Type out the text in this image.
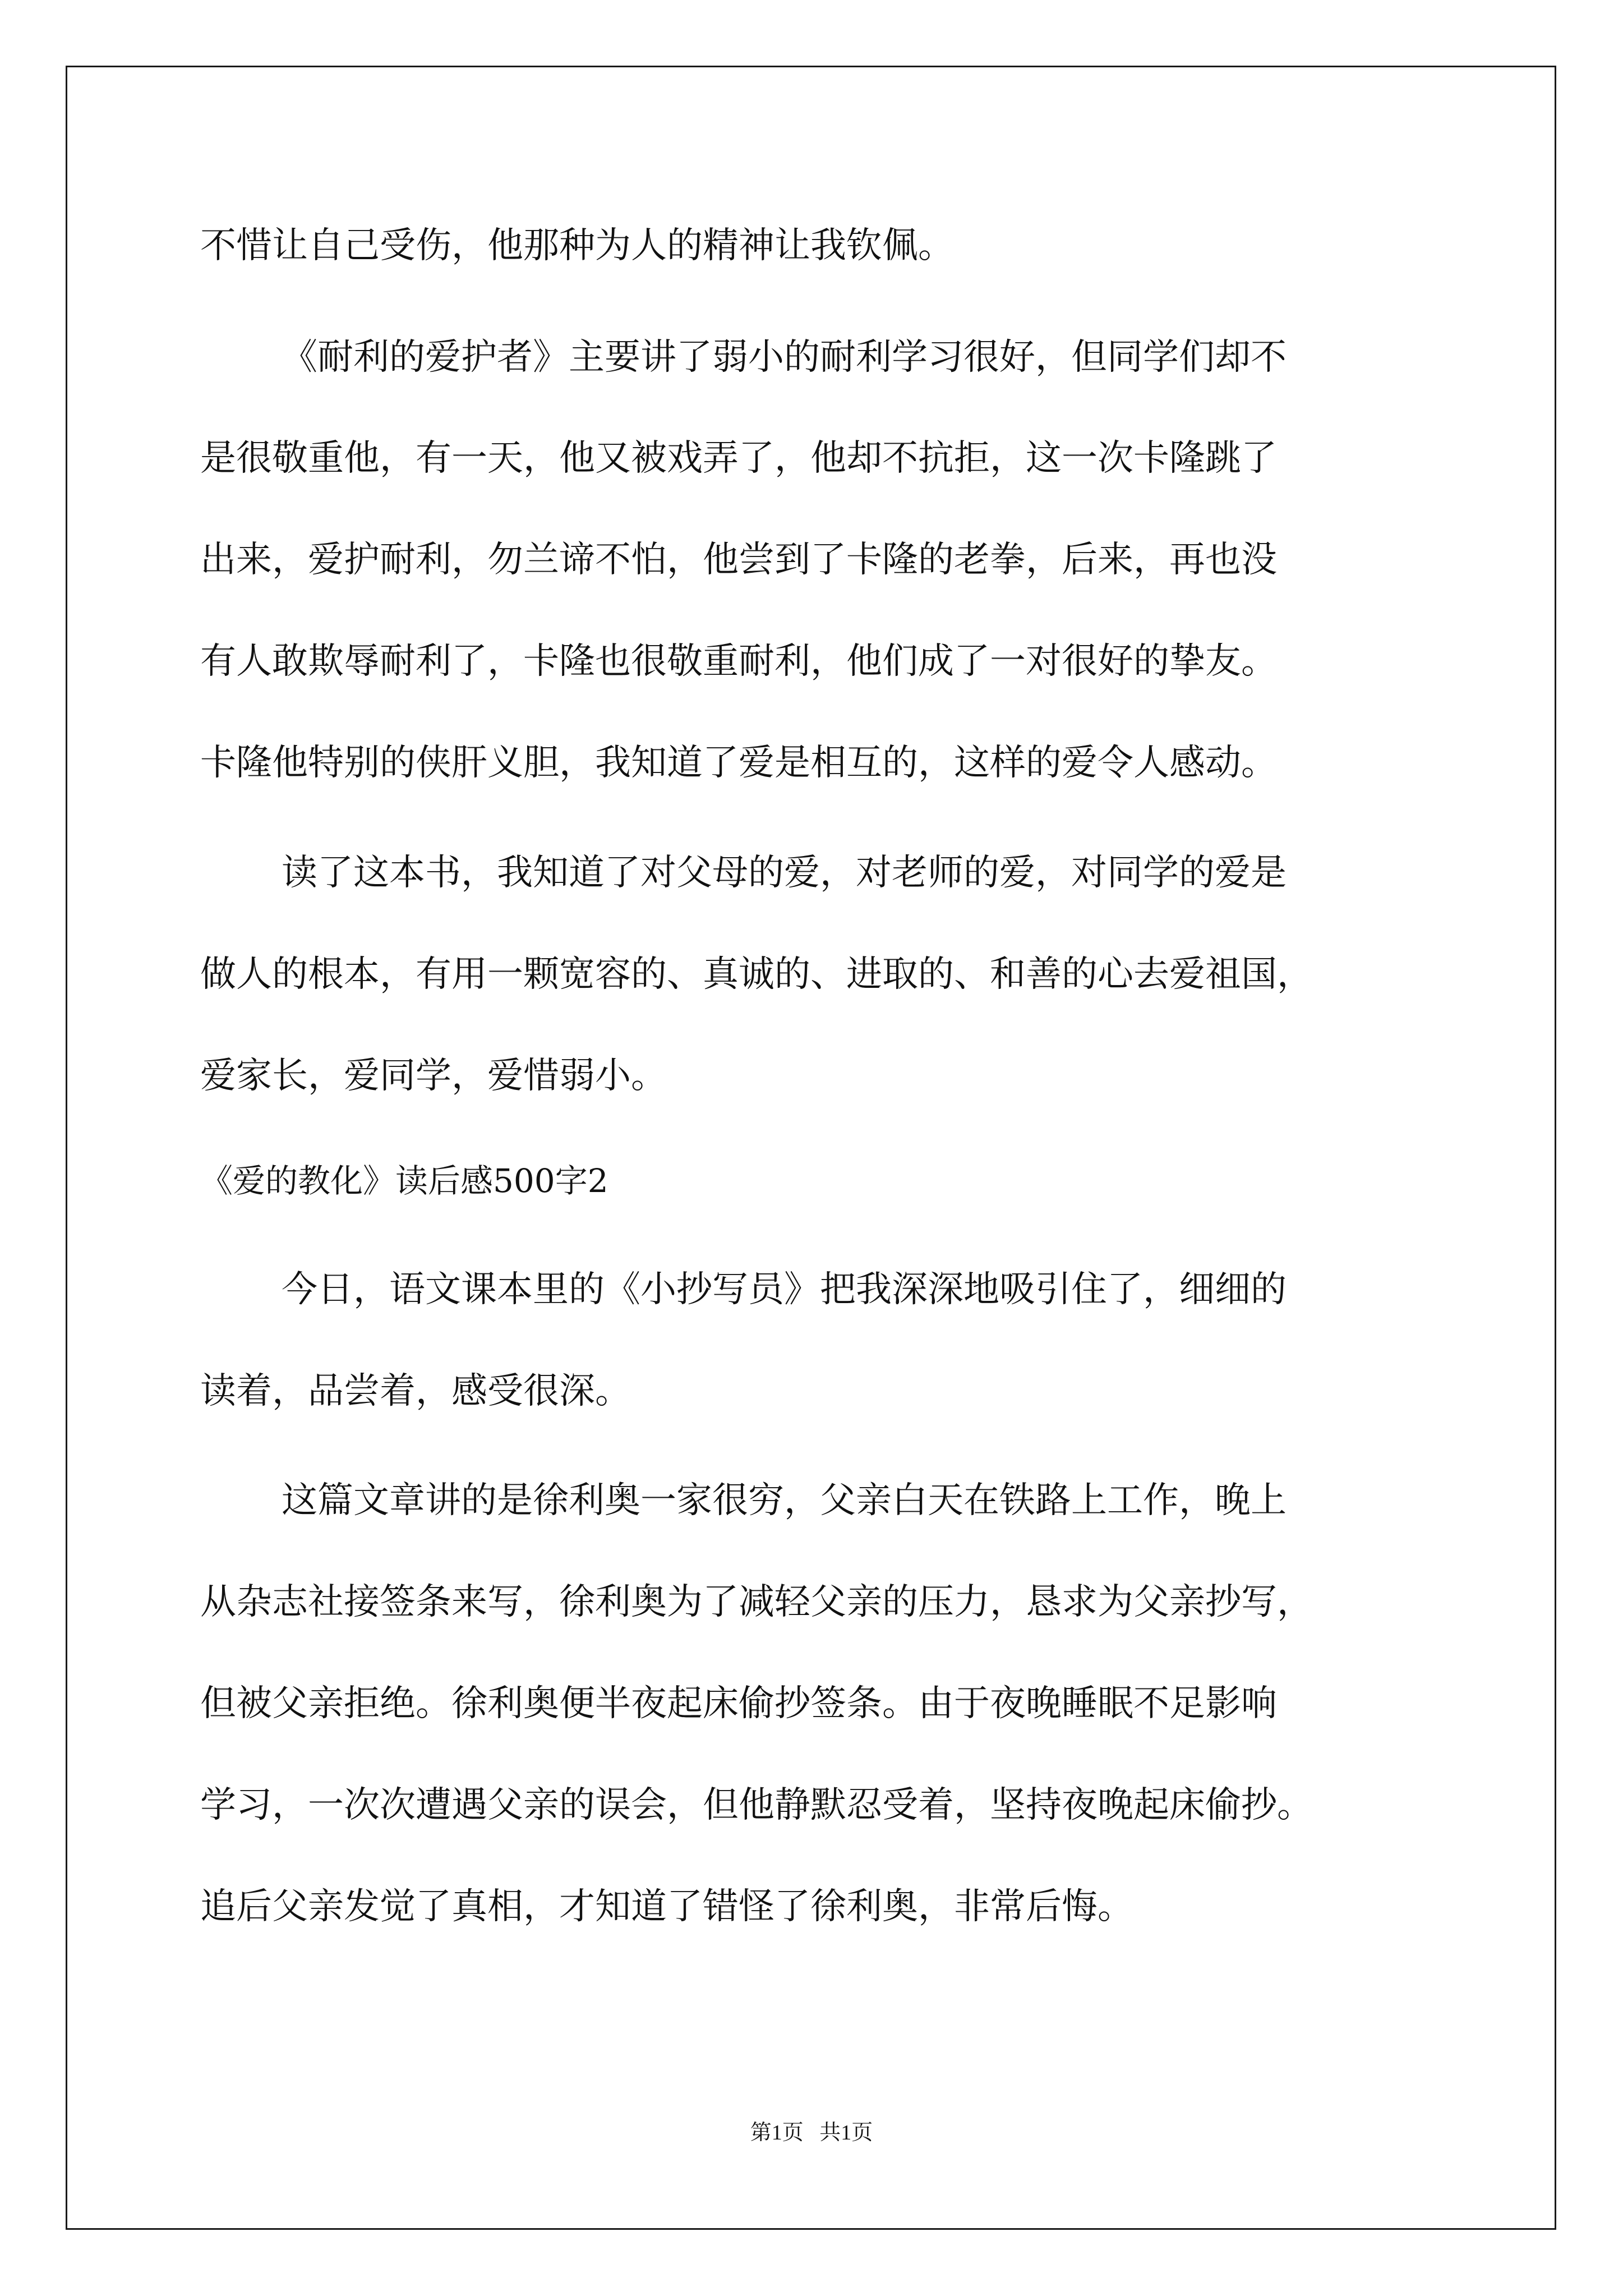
不惜让自己受伤，他那种为人的精神让我钦佩。
《耐利的爱护者》主要讲了弱小的耐利学习很好，但同学们却不
是很敬重他，有一天，他又被戏弄了，他却不抗拒，这一次卡隆跳了
出来，爱护耐利，勿兰谛不怕，他尝到了卡隆的老拳，后来，再也没
有人敢欺辱耐利了，卡隆也很敬重耐利，他们成了一对很好的挚友。
卡隆他特别的侠肝义胆，我知道了爱是相互的，这样的爱令人感动。
读了这本书，我知道了对父母的爱，对老师的爱，对同学的爱是
做人的根本，有用一颗宽容的、真诚的、进取的、和善的心去爱祖国，
爱家长，爱同学，爱惜弱小。
《爱的教化》读后感500字2
今日，语文课本里的《小抄写员》把我深深地吸引住了，细细的
读着，品尝着，感受很深。
这篇文章讲的是徐利奥一家很穷，父亲白天在铁路上工作，晚上
从杂志社接签条来写，徐利奥为了减轻父亲的压力，恳求为父亲抄写，
但被父亲拒绝。徐利奥便半夜起床偷抄签条。由于夜晚睡眠不足影响
学习，一次次遭遇父亲的误会，但他静默忍受着，坚持夜晚起床偷抄。
追后父亲发觉了真相，才知道了错怪了徐利奥，非常后悔。
第1页   共1页
